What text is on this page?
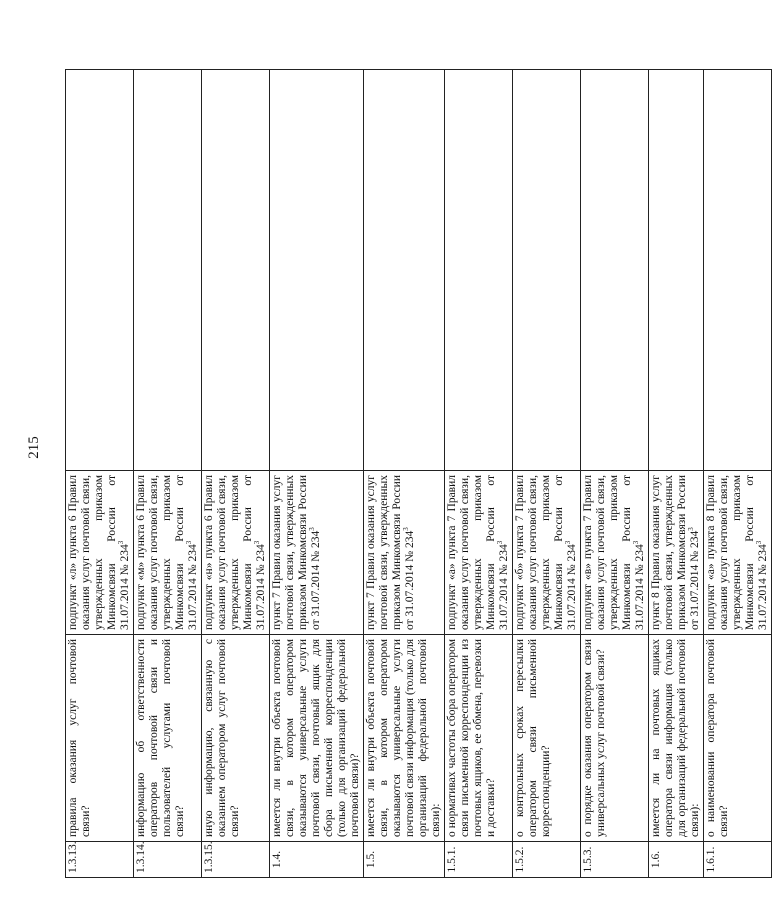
215
1.3.13.	правила оказания услуг почтовой связи?	подпункт «л» пункта 6 Правил оказания услуг почтовой связи, утвержденных приказом Минкомсвязи России от 31.07.2014 № $234^3$	
1.3.14.	информацию об ответственности операторов почтовой связи и пользователей услугами почтовой связи?	подпункт «м» пункта 6 Правил оказания услуг почтовой связи, утвержденных приказом Минкомсвязи России от 31.07.2014 № $234^3$	
1.3.15.	иную информацию, связанную с оказанием оператором услуг почтовой связи?	подпункт «н» пункта 6 Правил оказания услуг почтовой связи, утвержденных приказом Минкомсвязи России от 31.07.2014 № $234^3$	
1.4.	имеется ли внутри объекта почтовой связи, в котором оператором оказываются универсальные услуги почтовой связи, почтовый ящик для сбора письменной корреспонденции (только для организаций федеральной почтовой связи)?	пункт 7 Правил оказания услуг почтовой связи, утвержденных приказом Минкомсвязи России от 31.07.2014 № $234^3$	
1.5.	имеется ли внутри объекта почтовой связи, в котором оператором оказываются универсальные услуги почтовой связи информация (только для организаций федеральной почтовой связи):	пункт 7 Правил оказания услуг почтовой связи, утвержденных приказом Минкомсвязи России от 31.07.2014 № $234^3$	
1.5.1.	о нормативах частоты сбора оператором связи письменной корреспонденции из почтовых ящиков, ее обмена, перевозки и доставки?	подпункт «а» пункта 7 Правил оказания услуг почтовой связи, утвержденных приказом Минкомсвязи России от 31.07.2014 № $234^3$	
1.5.2.	о контрольных сроках пересылки оператором связи письменной корреспонденции?	подпункт «б» пункта 7 Правил оказания услуг почтовой связи, утвержденных приказом Минкомсвязи России от 31.07.2014 № $234^3$	
1.5.3.	о порядке оказания оператором связи универсальных услуг почтовой связи?	подпункт «в» пункта 7 Правил оказания услуг почтовой связи, утвержденных приказом Минкомсвязи России от 31.07.2014 № $234^3$	
1.6.	имеется ли на почтовых ящиках оператора связи информация (только для организаций федеральной почтовой связи):	пункт 8 Правил оказания услуг почтовой связи, утвержденных приказом Минкомсвязи России от 31.07.2014 № $234^3$	
1.6.1.	о наименовании оператора почтовой связи?	подпункт «а» пункта 8 Правил оказания услуг почтовой связи, утвержденных приказом Минкомсвязи России от 31.07.2014 № $234^3$	
